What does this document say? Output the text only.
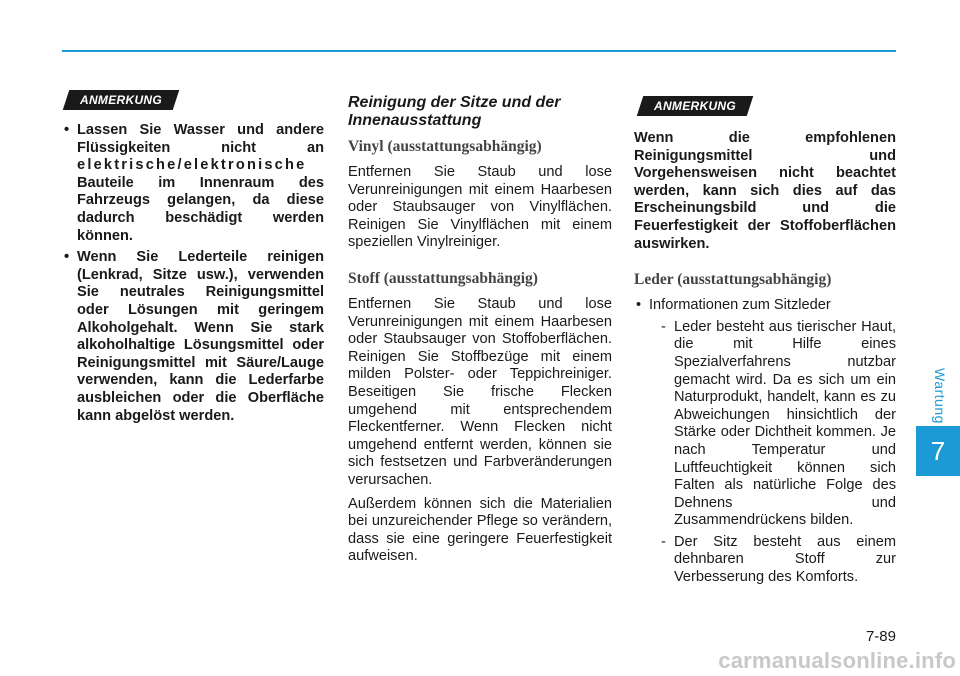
ANMERKUNG
• Lassen Sie Wasser und andere Flüssigkeiten nicht an elektrische/elektronische Bauteile im Innenraum des Fahrzeugs gelangen, da diese dadurch beschädigt werden können.
• Wenn Sie Lederteile reinigen (Lenkrad, Sitze usw.), verwenden Sie neutrales Reinigungsmittel oder Lösungen mit geringem Alkoholgehalt. Wenn Sie stark alkoholhaltige Lösungsmittel oder Reinigungsmittel mit Säure/Lauge verwenden, kann die Lederfarbe ausbleichen oder die Oberfläche kann abgelöst werden.
Reinigung der Sitze und der Innenausstattung
Vinyl (ausstattungsabhängig)

Entfernen Sie Staub und lose Verunreinigungen mit einem Haarbesen oder Staubsauger von Vinylflächen. Reinigen Sie Vinylflächen mit einem speziellen Vinylreiniger.

Stoff (ausstattungsabhängig)

Entfernen Sie Staub und lose Verunreinigungen mit einem Haarbesen oder Staubsauger von Stoffoberflächen. Reinigen Sie Stoffbezüge mit einem milden Polster- oder Teppichreiniger. Beseitigen Sie frische Flecken umgehend mit entsprechendem Fleckentferner. Wenn Flecken nicht umgehend entfernt werden, können sie sich festsetzen und Farbveränderungen verursachen.

Außerdem können sich die Materialien bei unzureichender Pflege so verändern, dass sie eine geringere Feuerfestigkeit aufweisen.

ANMERKUNG

Wenn die empfohlenen Reinigungsmittel und Vorgehensweisen nicht beachtet werden, kann sich dies auf das Erscheinungsbild und die Feuerfestigkeit der Stoffoberflächen auswirken.

Leder (ausstattungsabhängig)
• Informationen zum Sitzleder
- Leder besteht aus tierischer Haut, die mit Hilfe eines Spezialverfahrens nutzbar gemacht wird. Da es sich um ein Naturprodukt, handelt, kann es zu Abweichungen hinsichtlich der Stärke oder Dichtheit kommen. Je nach Temperatur und Luftfeuchtigkeit können sich Falten als natürliche Folge des Dehnens und Zusammendrückens bilden.
- Der Sitz besteht aus einem dehnbaren Stoff zur Verbesserung des Komforts.
Wartung
7
7-89
carmanualsonline.info
